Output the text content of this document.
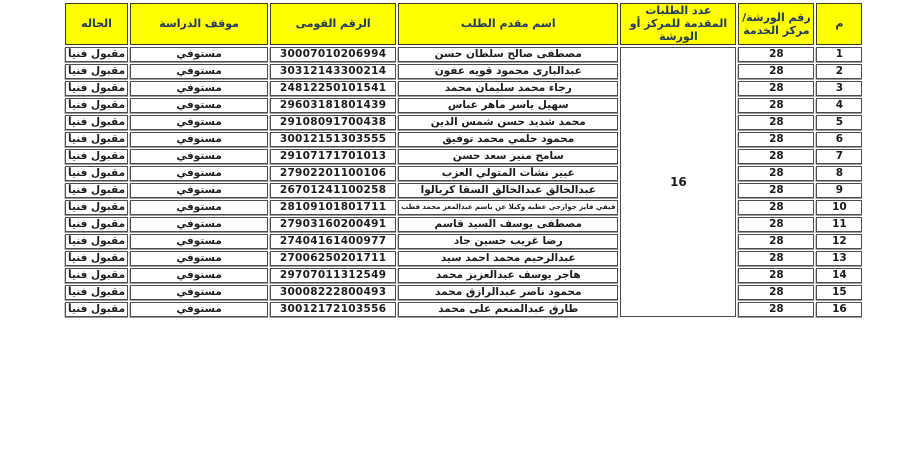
م	رقم الورشة/ مركز الخدمة	عدد الطلبات المقدمة للمركز أو الورشة	اسم مقدم الطلب	الرقم القومى	موقف الدراسة	الحاله
1	28	16	مصطفى صالح سلطان حسن	30007010206994	مستوفي	مقبول فنيأ
2	28		عبدالبارى محمود قويه عفون	30312143300214	مستوفي	مقبول فنيأ
3	28		رجاء محمد سليمان محمد	24812250101541	مستوفي	مقبول فنيأ
4	28		سهيل ياسر ماهر عباس	29603181801439	مستوفي	مقبول فنيأ
5	28		محمد شديد حسن شمس الدين	29108091700438	مستوفي	مقبول فنيأ
6	28		محمود حلمي محمد توفيق	30012151303555	مستوفي	مقبول فنيأ
7	28		سامح منير سعد حسن	29107171701013	مستوفي	مقبول فنيأ
8	28		عبير نشأت المتولي العزب	27902201100106	مستوفي	مقبول فنيأ
9	28		عبدالخالق عبدالخالق السقا كريالوا	26701241100258	مستوفي	مقبول فنيأ
10	28		فيفي فايز جوارجي عطيه وكيلا عن باسم عبدالمعز محمد قطب	28109101801711	مستوفي	مقبول فنيأ
11	28		مصطفى يوسف السيد قاسم	27903160200491	مستوفي	مقبول فنيأ
12	28		رضا غريب حسين جاد	27404161400977	مستوفي	مقبول فنيأ
13	28		عبدالرحيم محمد احمد سيد	27006250201711	مستوفي	مقبول فنيأ
14	28		هاجر يوسف عبدالعزيز محمد	29707011312549	مستوفي	مقبول فنيأ
15	28		محمود ناصر عبدالرازق محمد	30008222800493	مستوفي	مقبول فنيأ
16	28		طارق عبدالمنعم على محمد	30012172103556	مستوفي	مقبول فنيأ
